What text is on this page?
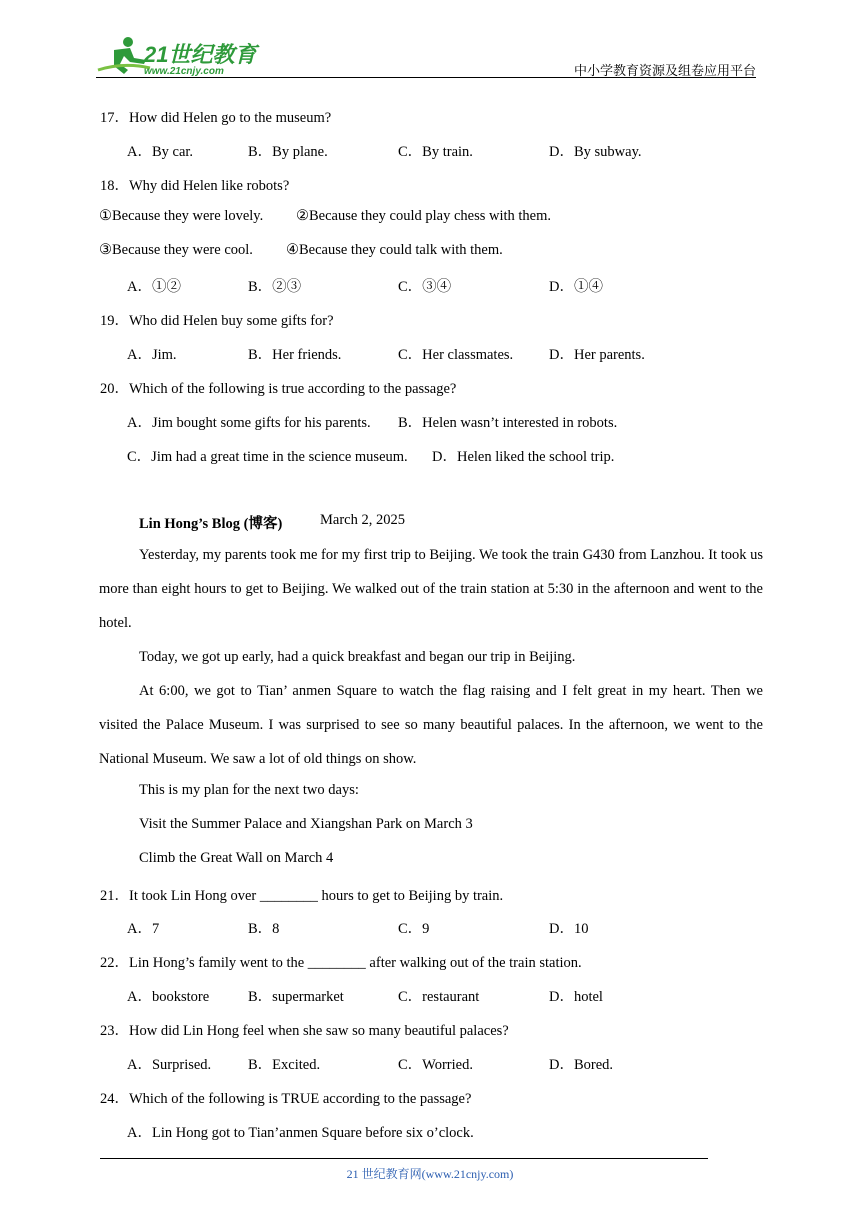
21世纪教育
www.21cnjy.com	中小学教育资源及组卷应用平台
17．How did Helen go to the museum?
A．By car.	B．By plane.	C．By train.	D．By subway.
18．Why did Helen like robots?
①Because they were lovely. ②Because they could play chess with them.
③Because they were cool. ④Because they could talk with them.
A．①②	B．②③	C．③④	D．①④
19．Who did Helen buy some gifts for?
A．Jim.	B．Her friends.	C．Her classmates. D．Her parents.
20．Which of the following is true according to the passage?
A．Jim bought some gifts for his parents. B．Helen wasn’t interested in robots.
C．Jim had a great time in the science museum. D．Helen liked the school trip.
Lin Hong’s Blog (博客)	March 2, 2025
Yesterday, my parents took me for my first trip to Beijing. We took the train G430 from Lanzhou. It took us more than eight hours to get to Beijing. We walked out of the train station at 5:30 in the afternoon and went to the hotel.
Today, we got up early, had a quick breakfast and began our trip in Beijing.
At 6:00, we got to Tian’ anmen Square to watch the flag raising and I felt great in my heart. Then we visited the Palace Museum. I was surprised to see so many beautiful palaces. In the afternoon, we went to the National Museum. We saw a lot of old things on show.
This is my plan for the next two days:
Visit the Summer Palace and Xiangshan Park on March 3
Climb the Great Wall on March 4
21．It took Lin Hong over ________ hours to get to Beijing by train.
A．7	B．8	C．9	D．10
22．Lin Hong’s family went to the ________ after walking out of the train station.
A．bookstore	B．supermarket	C．restaurant	D．hotel
23．How did Lin Hong feel when she saw so many beautiful palaces?
A．Surprised.	B．Excited.	C．Worried.	D．Bored.
24．Which of the following is TRUE according to the passage?
A．Lin Hong got to Tian’anmen Square before six o’clock.
21 世纪教育网(www.21cnjy.com)
